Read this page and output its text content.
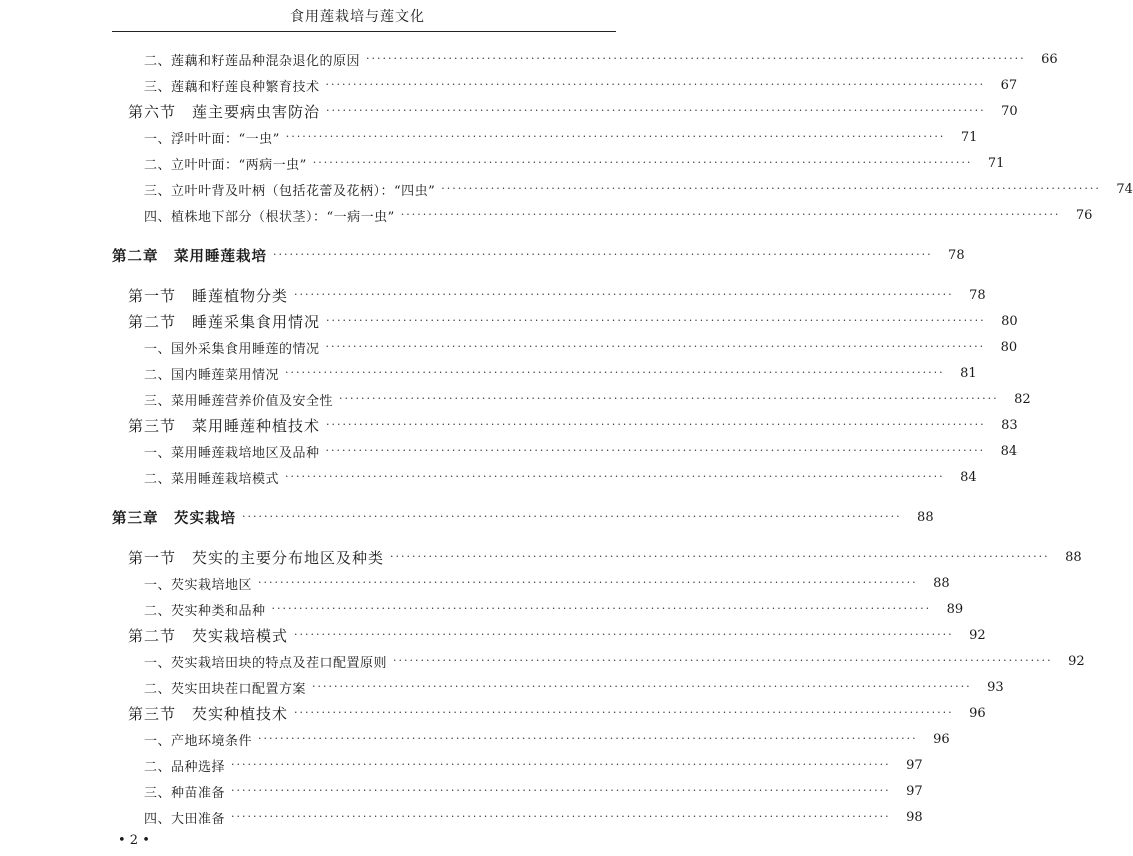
食用莲栽培与莲文化
二、莲藕和籽莲品种混杂退化的原因 ························································································································	66
三、莲藕和籽莲良种繁育技术 ························································································································	67
第六节　莲主要病虫害防治 ························································································································	70
一、浮叶叶面：“一虫” ························································································································	71
二、立叶叶面：“两病一虫” ························································································································	71
三、立叶叶背及叶柄（包括花蕾及花柄）：“四虫” ························································································································	74
四、植株地下部分（根状茎）：“一病一虫” ························································································································	76
第二章　菜用睡莲栽培 ························································································································	78
第一节　睡莲植物分类 ························································································································	78
第二节　睡莲采集食用情况 ························································································································	80
一、国外采集食用睡莲的情况 ························································································································	80
二、国内睡莲菜用情况 ························································································································	81
三、菜用睡莲营养价值及安全性 ························································································································	82
第三节　菜用睡莲种植技术 ························································································································	83
一、菜用睡莲栽培地区及品种 ························································································································	84
二、菜用睡莲栽培模式 ························································································································	84
第三章　芡实栽培 ························································································································	88
第一节　芡实的主要分布地区及种类 ························································································································	88
一、芡实栽培地区 ························································································································	88
二、芡实种类和品种 ························································································································	89
第二节　芡实栽培模式 ························································································································	92
一、芡实栽培田块的特点及茬口配置原则 ························································································································	92
二、芡实田块茬口配置方案 ························································································································	93
第三节　芡实种植技术 ························································································································	96
一、产地环境条件 ························································································································	96
二、品种选择 ························································································································	97
三、种苗准备 ························································································································	97
四、大田准备 ························································································································	98
• 2 •
